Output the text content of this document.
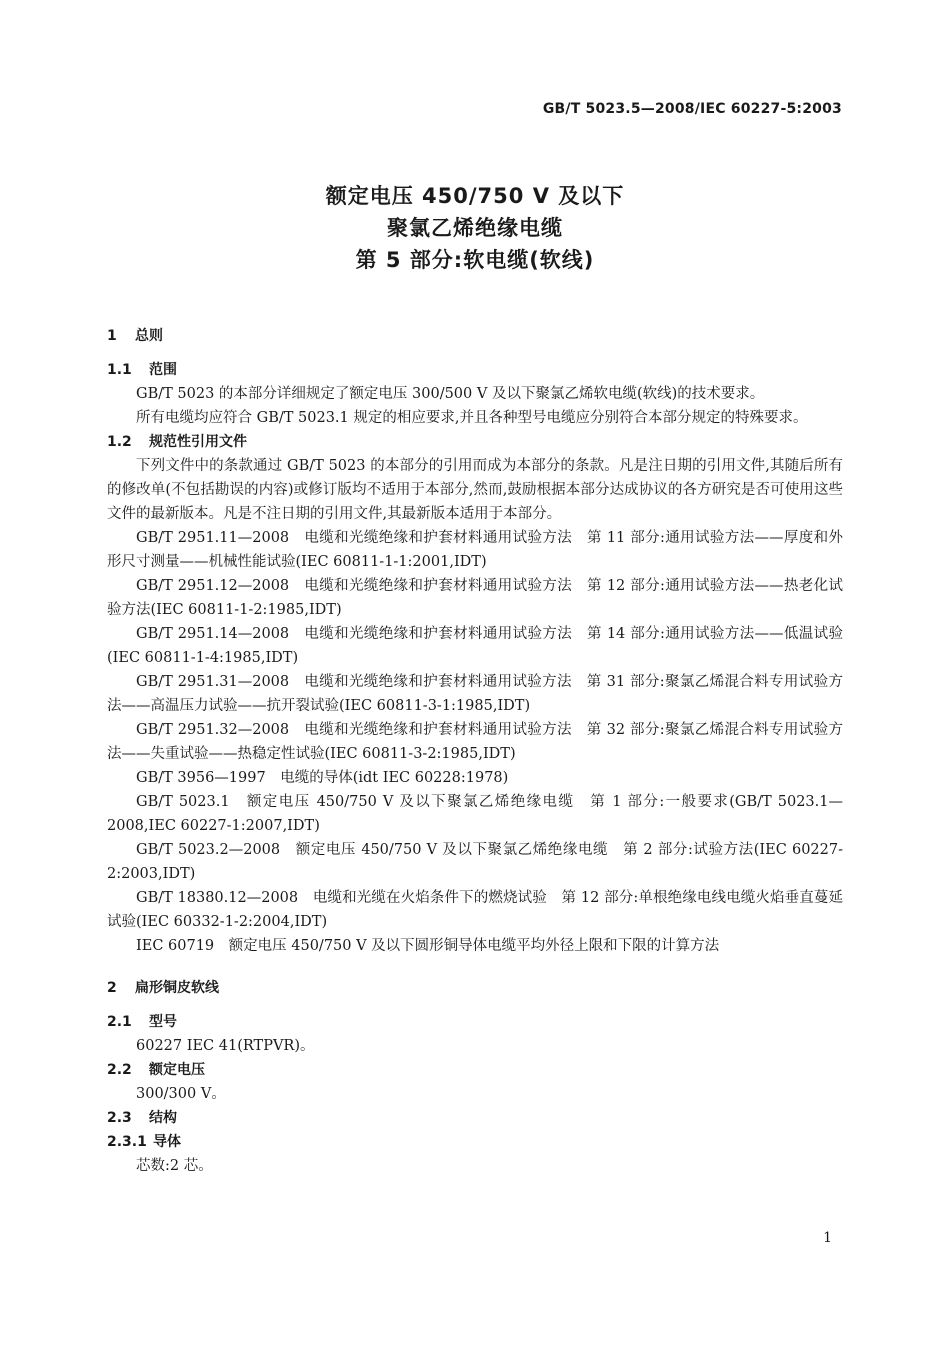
GB/T 5023.5—2008/IEC 60227-5:2003
额定电压 450/750 V 及以下
聚氯乙烯绝缘电缆
第 5 部分:软电缆(软线)
1 总则
1.1 范围
GB/T 5023 的本部分详细规定了额定电压 300/500 V 及以下聚氯乙烯软电缆(软线)的技术要求。
所有电缆均应符合 GB/T 5023.1 规定的相应要求,并且各种型号电缆应分别符合本部分规定的特殊要求。
1.2 规范性引用文件
下列文件中的条款通过 GB/T 5023 的本部分的引用而成为本部分的条款。凡是注日期的引用文件,其随后所有的修改单(不包括勘误的内容)或修订版均不适用于本部分,然而,鼓励根据本部分达成协议的各方研究是否可使用这些文件的最新版本。凡是不注日期的引用文件,其最新版本适用于本部分。
GB/T 2951.11—2008　电缆和光缆绝缘和护套材料通用试验方法　第 11 部分:通用试验方法——厚度和外形尺寸测量——机械性能试验(IEC 60811-1-1:2001,IDT)
GB/T 2951.12—2008　电缆和光缆绝缘和护套材料通用试验方法　第 12 部分:通用试验方法——热老化试验方法(IEC 60811-1-2:1985,IDT)
GB/T 2951.14—2008　电缆和光缆绝缘和护套材料通用试验方法　第 14 部分:通用试验方法——低温试验(IEC 60811-1-4:1985,IDT)
GB/T 2951.31—2008　电缆和光缆绝缘和护套材料通用试验方法　第 31 部分:聚氯乙烯混合料专用试验方法——高温压力试验——抗开裂试验(IEC 60811-3-1:1985,IDT)
GB/T 2951.32—2008　电缆和光缆绝缘和护套材料通用试验方法　第 32 部分:聚氯乙烯混合料专用试验方法——失重试验——热稳定性试验(IEC 60811-3-2:1985,IDT)
GB/T 3956—1997　电缆的导体(idt IEC 60228:1978)
GB/T 5023.1　额定电压 450/750 V 及以下聚氯乙烯绝缘电缆　第 1 部分:一般要求(GB/T 5023.1—2008,IEC 60227-1:2007,IDT)
GB/T 5023.2—2008　额定电压 450/750 V 及以下聚氯乙烯绝缘电缆　第 2 部分:试验方法(IEC 60227-2:2003,IDT)
GB/T 18380.12—2008　电缆和光缆在火焰条件下的燃烧试验　第 12 部分:单根绝缘电线电缆火焰垂直蔓延试验(IEC 60332-1-2:2004,IDT)
IEC 60719　额定电压 450/750 V 及以下圆形铜导体电缆平均外径上限和下限的计算方法
2 扁形铜皮软线
2.1 型号
60227 IEC 41(RTPVR)。
2.2 额定电压
300/300 V。
2.3 结构
2.3.1 导体
芯数:2 芯。
1
